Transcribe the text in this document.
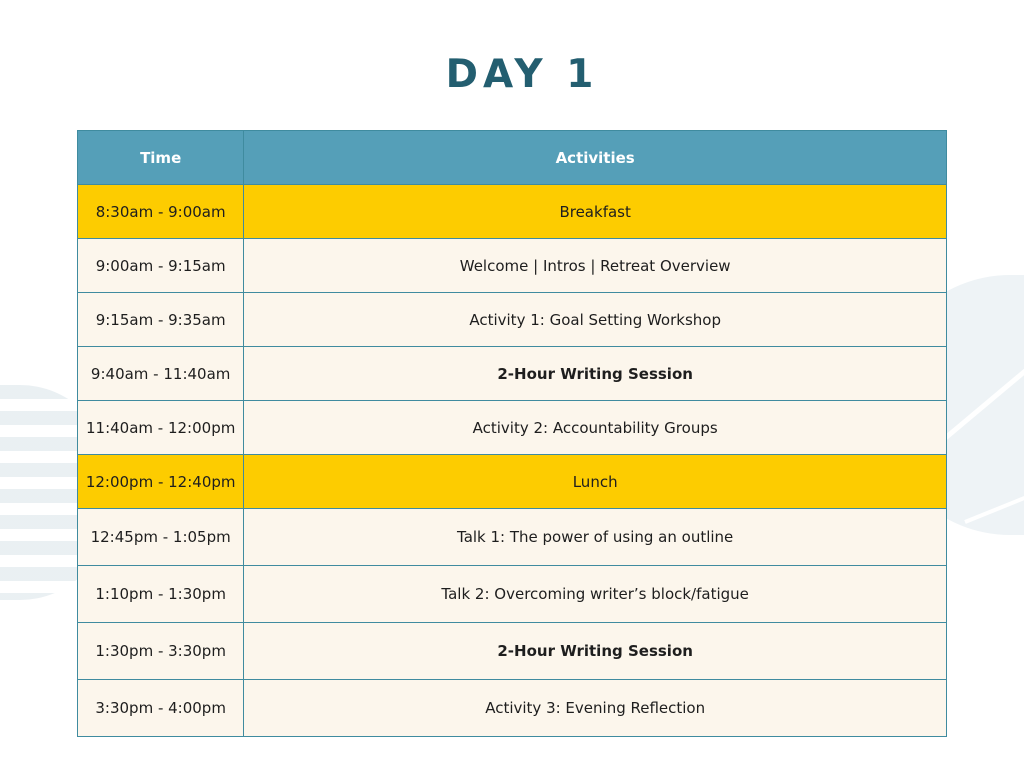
DAY 1
Time	Activities
8:30am - 9:00am	Breakfast
9:00am - 9:15am	Welcome | Intros | Retreat Overview
9:15am - 9:35am	Activity 1: Goal Setting Workshop
9:40am - 11:40am	2-Hour Writing Session
11:40am - 12:00pm	Activity 2: Accountability Groups
12:00pm - 12:40pm	Lunch
12:45pm - 1:05pm	Talk 1: The power of using an outline
1:10pm - 1:30pm	Talk 2: Overcoming writer’s block/fatigue
1:30pm - 3:30pm	2-Hour Writing Session
3:30pm - 4:00pm	Activity 3: Evening Reflection
